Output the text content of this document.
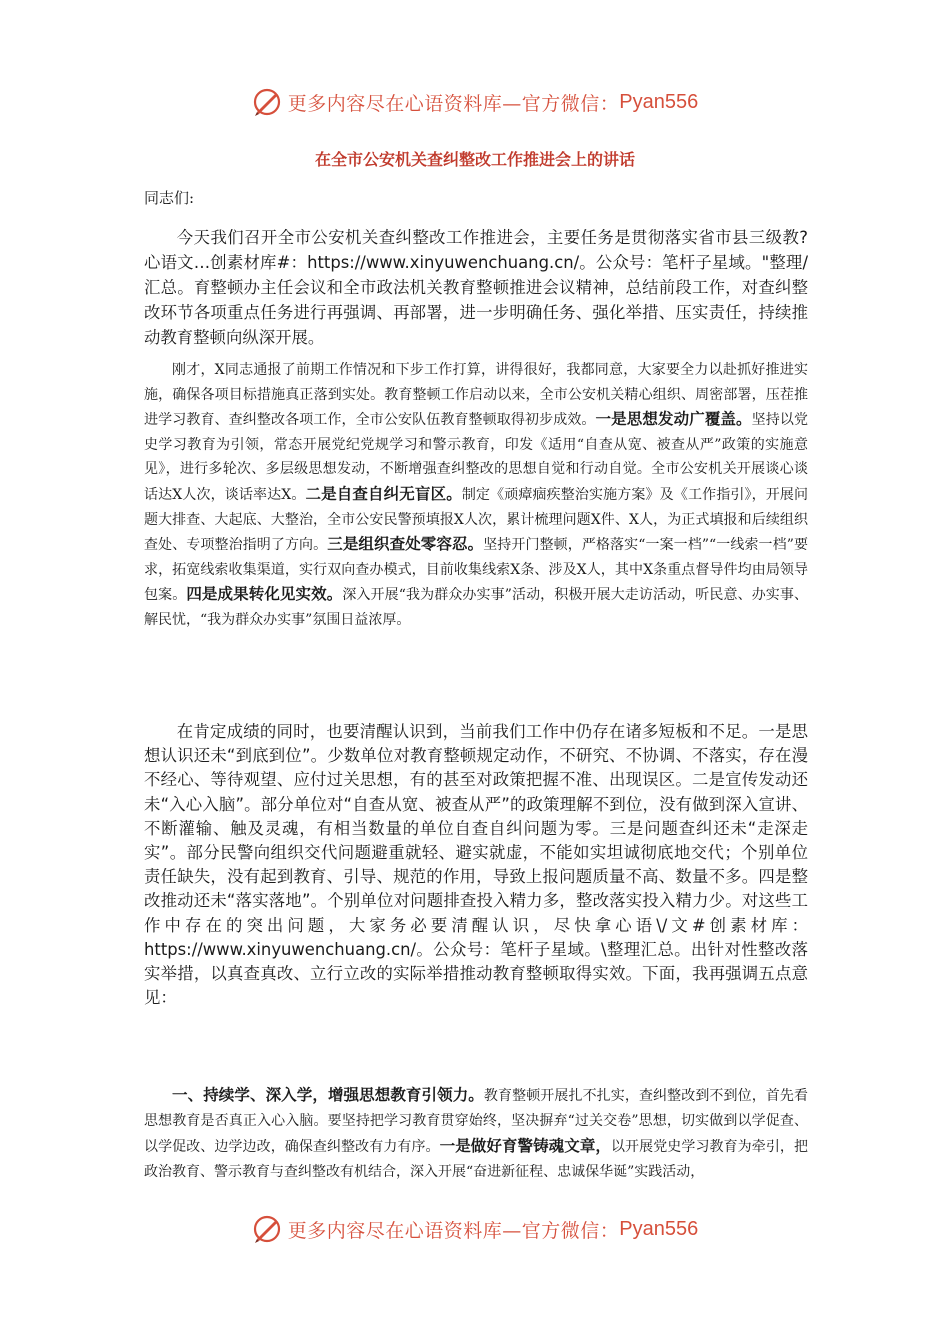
更多内容尽在心语资料库—官方微信： Pyan556
在全市公安机关查纠整改工作推进会上的讲话

同志们:

今天我们召开全市公安机关查纠整改工作推进会，主要任务是贯彻落实省市县三级教?心语文…创素材库#：https://www.xinyuwenchuang.cn/。公众号：笔杆子星域。"整理/汇总。育整顿办主任会议和全市政法机关教育整顿推进会议精神，总结前段工作，对查纠整改环节各项重点任务进行再强调、再部署，进一步明确任务、强化举措、压实责任，持续推动教育整顿向纵深开展。

刚才，X同志通报了前期工作情况和下步工作打算，讲得很好，我都同意，大家要全力以赴抓好推进实施，确保各项目标措施真正落到实处。教育整顿工作启动以来，全市公安机关精心组织、周密部署，压茬推进学习教育、查纠整改各项工作，全市公安队伍教育整顿取得初步成效。一是思想发动广覆盖。坚持以党史学习教育为引领，常态开展党纪党规学习和警示教育，印发《适用“自查从宽、被查从严”政策的实施意见》，进行多轮次、多层级思想发动，不断增强查纠整改的思想自觉和行动自觉。全市公安机关开展谈心谈话达X人次，谈话率达X。二是自查自纠无盲区。制定《顽瘴痼疾整治实施方案》及《工作指引》，开展问题大排查、大起底、大整治，全市公安民警预填报X人次，累计梳理问题X件、X人，为正式填报和后续组织查处、专项整治指明了方向。三是组织查处零容忍。坚持开门整顿，严格落实“一案一档”“一线索一档”要求，拓宽线索收集渠道，实行双向查办模式，目前收集线索X条、涉及X人，其中X条重点督导件均由局领导包案。四是成果转化见实效。深入开展“我为群众办实事”活动，积极开展大走访活动，听民意、办实事、解民忧，“我为群众办实事”氛围日益浓厚。

在肯定成绩的同时，也要清醒认识到，当前我们工作中仍存在诸多短板和不足。一是思想认识还未“到底到位”。少数单位对教育整顿规定动作，不研究、不协调、不落实，存在漫不经心、等待观望、应付过关思想，有的甚至对政策把握不准、出现误区。二是宣传发动还未“入心入脑”。部分单位对“自查从宽、被查从严”的政策理解不到位，没有做到深入宣讲、不断灌输、触及灵魂，有相当数量的单位自查自纠问题为零。三是问题查纠还未“走深走实”。部分民警向组织交代问题避重就轻、避实就虚，不能如实坦诚彻底地交代；个别单位责任缺失，没有起到教育、引导、规范的作用，导致上报问题质量不高、数量不多。四是整改推动还未“落实落地”。个别单位对问题排查投入精力多，整改落实投入精力少。对这些工作中存在的突出问题，大家务必要清醒认识，尽快拿心语\/文#创素材库：https://www.xinyuwenchuang.cn/。公众号：笔杆子星域。\整理汇总。出针对性整改落实举措，以真查真改、立行立改的实际举措推动教育整顿取得实效。下面，我再强调五点意见：

一、持续学、深入学，增强思想教育引领力。教育整顿开展扎不扎实，查纠整改到不到位，首先看思想教育是否真正入心入脑。要坚持把学习教育贯穿始终，坚决摒弃“过关交卷”思想，切实做到以学促查、以学促改、边学边改，确保查纠整改有力有序。一是做好育警铸魂文章，以开展党史学习教育为牵引，把政治教育、警示教育与查纠整改有机结合，深入开展“奋进新征程、忠诚保华诞”实践活动，

更多内容尽在心语资料库—官方微信： Pyan556
